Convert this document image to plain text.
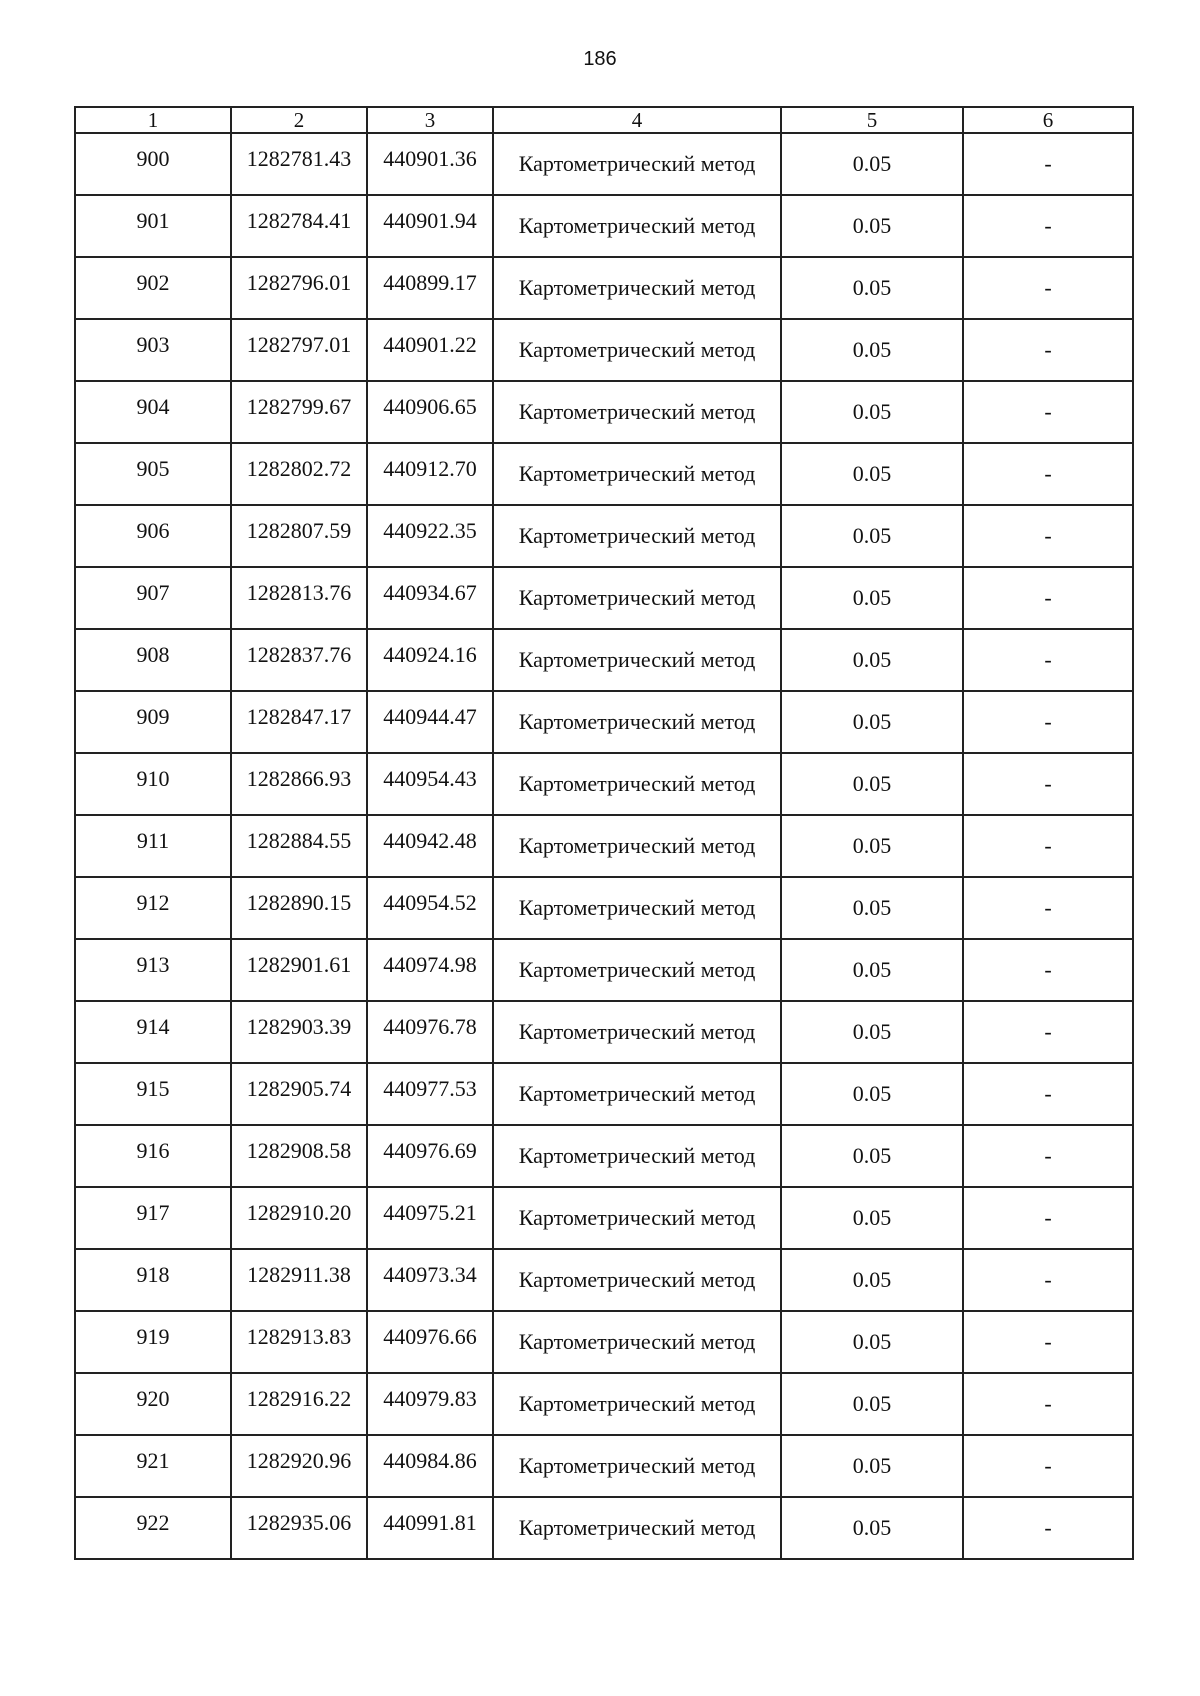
186
1	2	3	4	5	6
900	1282781.43	440901.36	Картометрический метод	0.05	-
901	1282784.41	440901.94	Картометрический метод	0.05	-
902	1282796.01	440899.17	Картометрический метод	0.05	-
903	1282797.01	440901.22	Картометрический метод	0.05	-
904	1282799.67	440906.65	Картометрический метод	0.05	-
905	1282802.72	440912.70	Картометрический метод	0.05	-
906	1282807.59	440922.35	Картометрический метод	0.05	-
907	1282813.76	440934.67	Картометрический метод	0.05	-
908	1282837.76	440924.16	Картометрический метод	0.05	-
909	1282847.17	440944.47	Картометрический метод	0.05	-
910	1282866.93	440954.43	Картометрический метод	0.05	-
911	1282884.55	440942.48	Картометрический метод	0.05	-
912	1282890.15	440954.52	Картометрический метод	0.05	-
913	1282901.61	440974.98	Картометрический метод	0.05	-
914	1282903.39	440976.78	Картометрический метод	0.05	-
915	1282905.74	440977.53	Картометрический метод	0.05	-
916	1282908.58	440976.69	Картометрический метод	0.05	-
917	1282910.20	440975.21	Картометрический метод	0.05	-
918	1282911.38	440973.34	Картометрический метод	0.05	-
919	1282913.83	440976.66	Картометрический метод	0.05	-
920	1282916.22	440979.83	Картометрический метод	0.05	-
921	1282920.96	440984.86	Картометрический метод	0.05	-
922	1282935.06	440991.81	Картометрический метод	0.05	-
